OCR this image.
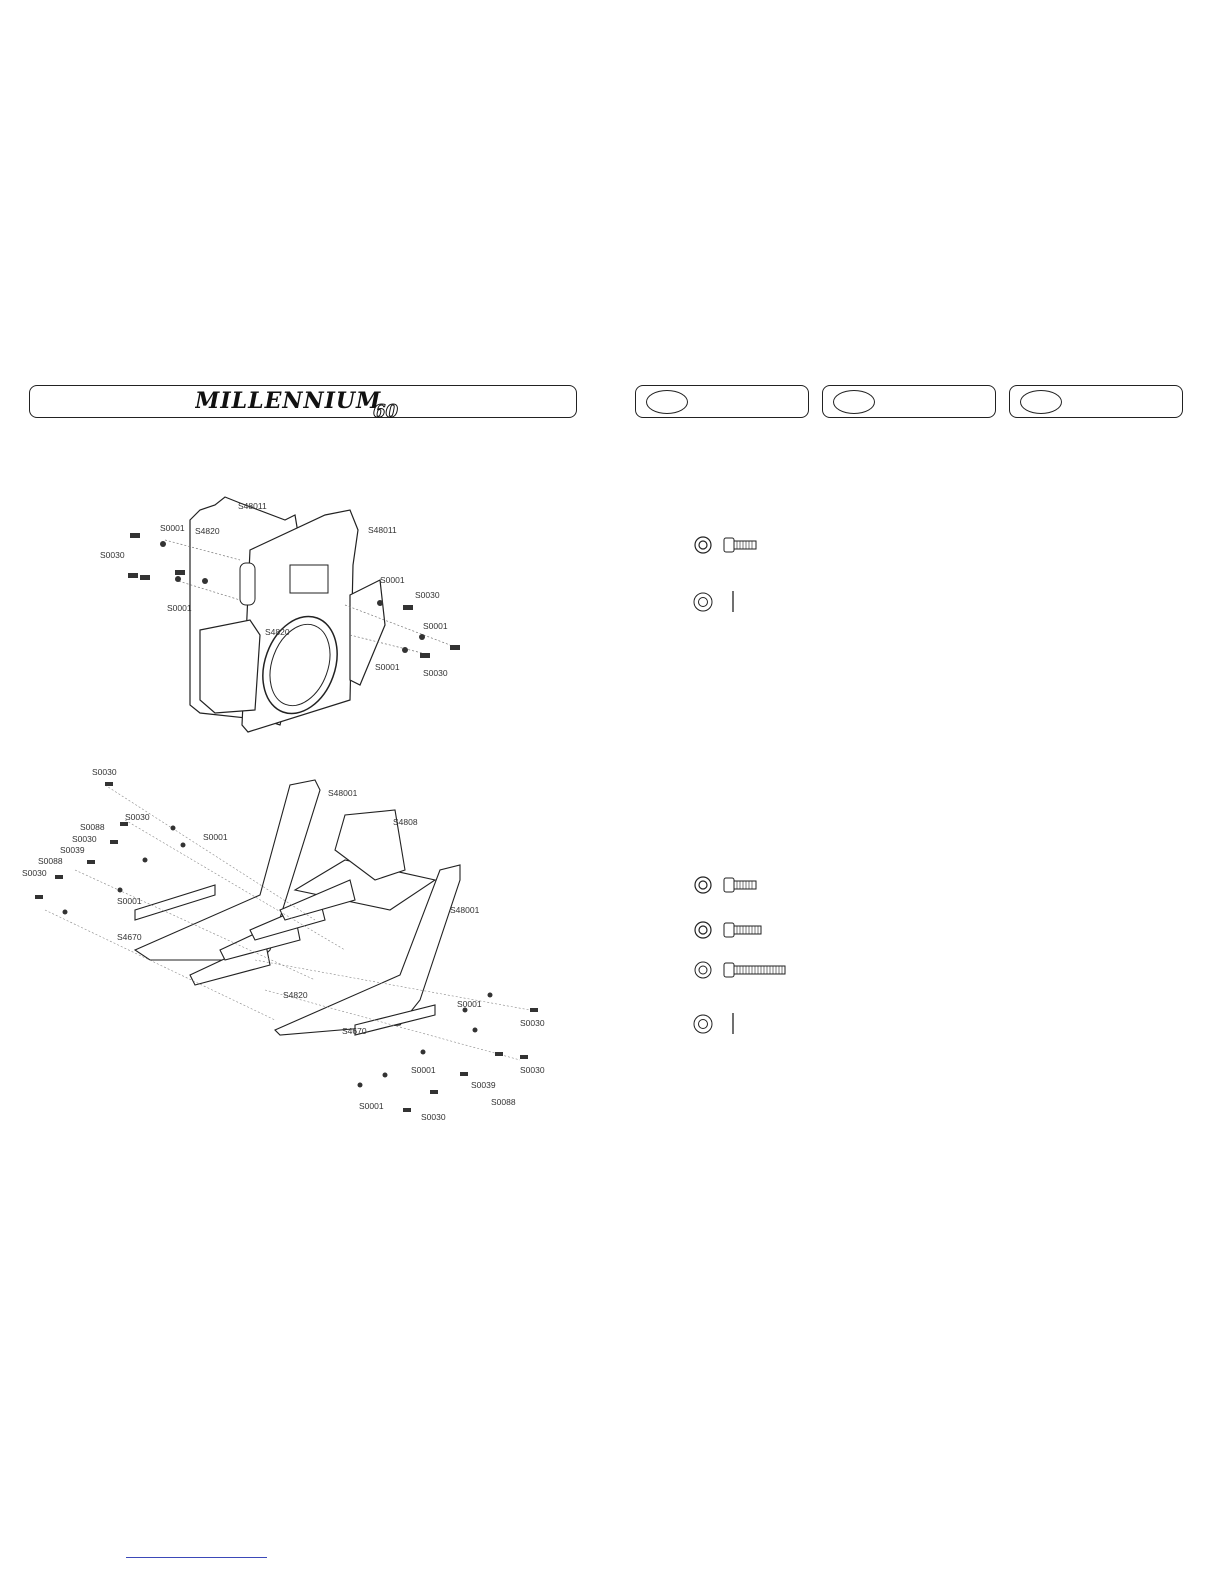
MILLENNIUM
60
S48011
S48011
S4820
S4820
S0001
S0001
S0001
S0001
S0001
S0030
S0030
S0030
S0030
S48001
S48001
S4808
S0030
S0088
S0030
S0039
S0088
S0030
S0001
S0001
S4670
S4670
S4820
S0001
S0030
S0030
S0001
S0039
S0088
S0001
S0030
